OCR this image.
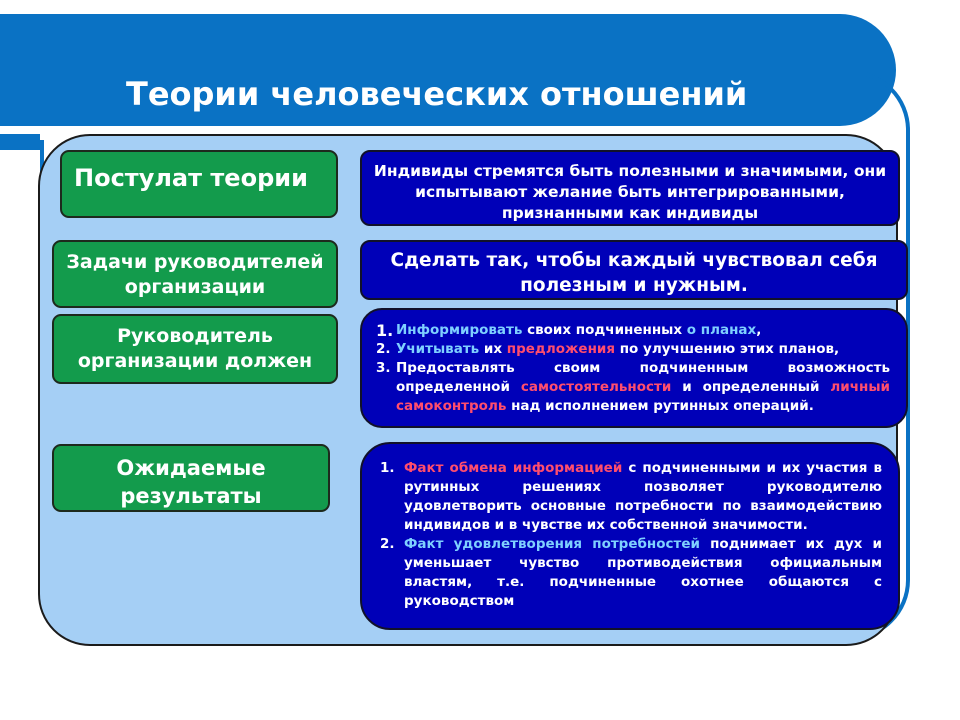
Теории человеческих отношений
Постулат теории	Индивиды стремятся быть полезными и значимыми, они испытывают желание быть интегрированными, признанными как индивиды
Задачи руководителей организации
Сделать так, чтобы каждый чувствовал себя полезным и нужным.
Руководитель организации должен
1. Информировать своих подчиненных о планах,
2. Учитывать их предложения по улучшению этих планов,
3. Предоставлять своим подчиненным возможность определенной самостоятельности и определенный личный самоконтроль над исполнением рутинных операций.
Ожидаемые результаты
1. Факт обмена информацией с подчиненными и их участия в рутинных решениях позволяет руководителю удовлетворить основные потребности по взаимодействию индивидов и в чувстве их собственной значимости.
2. Факт удовлетворения потребностей поднимает их дух и уменьшает чувство противодействия официальным властям, т.е. подчиненные охотнее общаются с руководством
